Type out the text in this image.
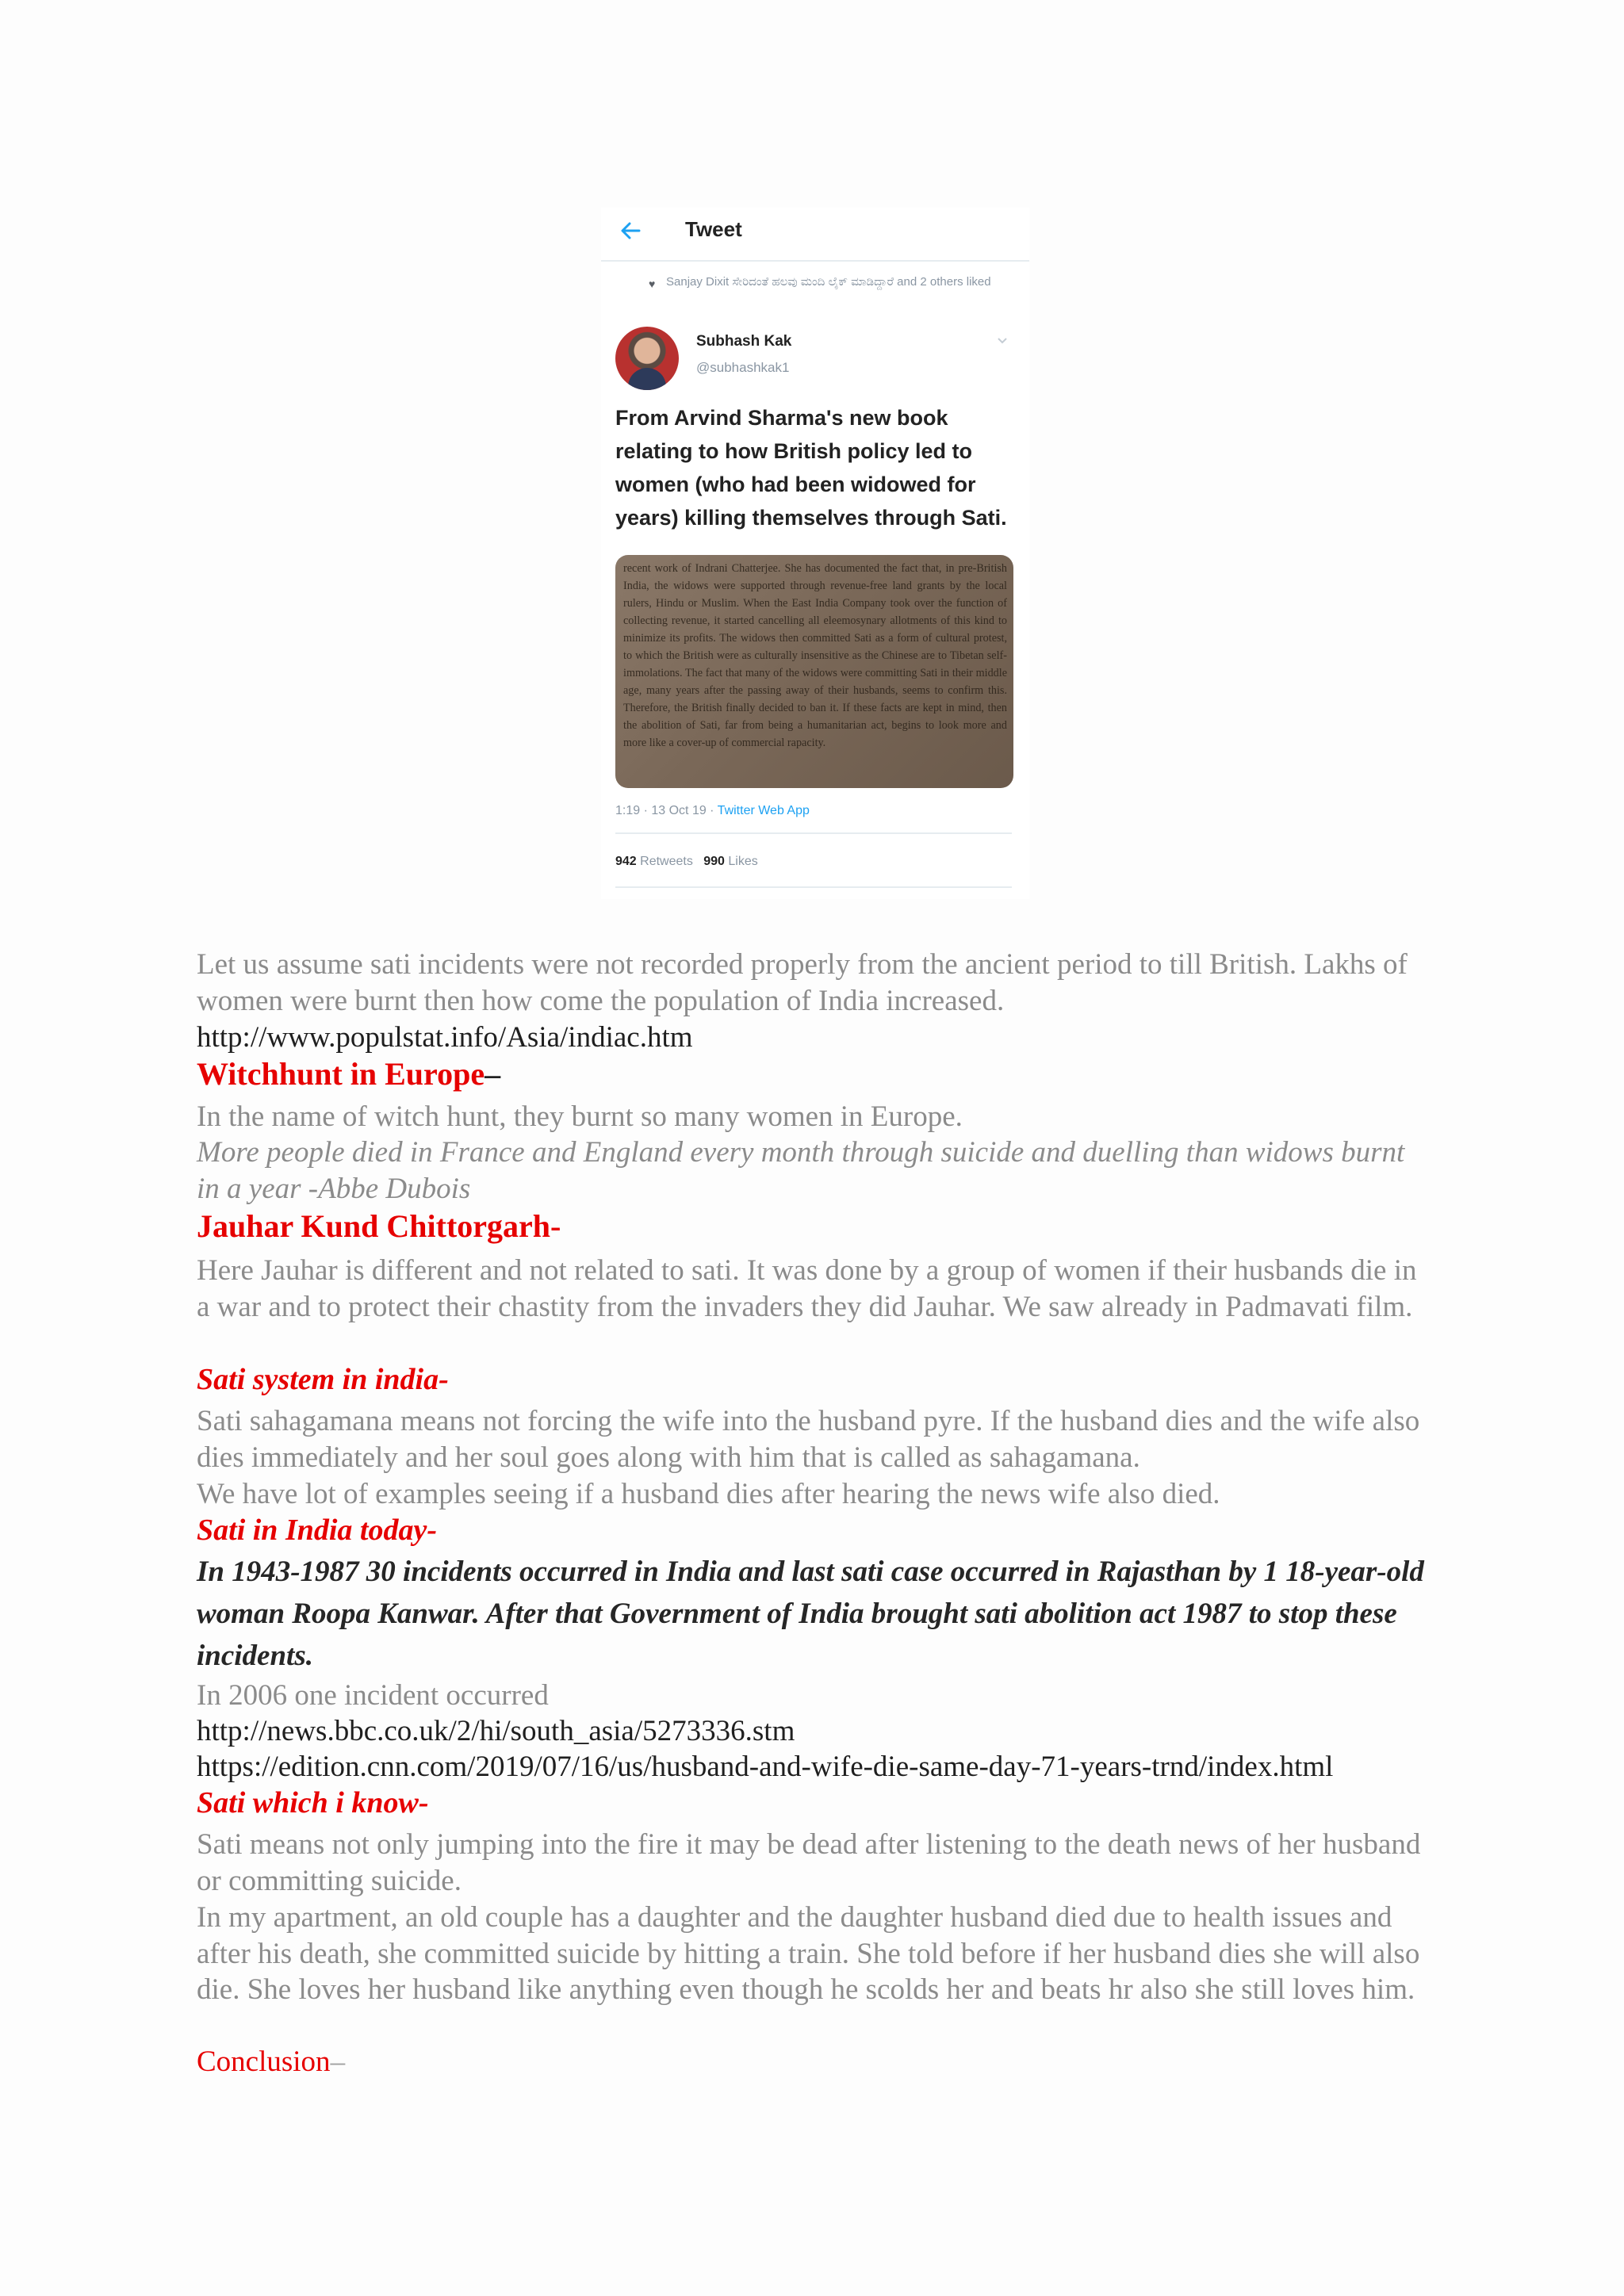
Tweet
♥ Sanjay Dixit ಸೇರಿದಂತೆ ಹಲವು ಮಂದಿ ಲೈಕ್ ಮಾಡಿದ್ದಾರೆ and 2 others liked
Subhash Kak
@subhashkak1
From Arvind Sharma's new book relating to how British policy led to women (who had been widowed for years) killing themselves through Sati.
recent work of Indrani Chatterjee. She has documented the fact that, in pre-British India, the widows were supported through revenue-free land grants by the local rulers, Hindu or Muslim. When the East India Company took over the function of collecting revenue, it started cancelling all eleemosynary allotments of this kind to minimize its profits. The widows then committed Sati as a form of cultural protest, to which the British were as culturally insensitive as the Chinese are to Tibetan self-immolations. The fact that many of the widows were committing Sati in their middle age, many years after the passing away of their husbands, seems to confirm this. Therefore, the British finally decided to ban it. If these facts are kept in mind, then the abolition of Sati, far from being a humanitarian act, begins to look more and more like a cover-up of commercial rapacity.
1:19 · 13 Oct 19 · Twitter Web App
942 Retweets 990 Likes
Let us assume sati incidents were not recorded properly from the ancient period to till British. Lakhs of women were burnt then how come the population of India increased.
http://www.populstat.info/Asia/indiac.htm
Witchhunt in Europe–
In the name of witch hunt, they burnt so many women in Europe.
More people died in France and England every month through suicide and duelling than widows burnt in a year -Abbe Dubois
Jauhar Kund Chittorgarh-
Here Jauhar is different and not related to sati. It was done by a group of women if their husbands die in a war and to protect their chastity from the invaders they did Jauhar. We saw already in Padmavati film.
Sati system in india-
Sati sahagamana means not forcing the wife into the husband pyre. If the husband dies and the wife also dies immediately and her soul goes along with him that is called as sahagamana.
We have lot of examples seeing if a husband dies after hearing the news wife also died.
Sati in India today-
In 1943-1987 30 incidents occurred in India and last sati case occurred in Rajasthan by 1 18-year-old woman Roopa Kanwar. After that Government of India brought sati abolition act 1987 to stop these incidents.
In 2006 one incident occurred
http://news.bbc.co.uk/2/hi/south_asia/5273336.stm
https://edition.cnn.com/2019/07/16/us/husband-and-wife-die-same-day-71-years-trnd/index.html
Sati which i know-
Sati means not only jumping into the fire it may be dead after listening to the death news of her husband or committing suicide.
In my apartment, an old couple has a daughter and the daughter husband died due to health issues and after his death, she committed suicide by hitting a train. She told before if her husband dies she will also die. She loves her husband like anything even though he scolds her and beats hr also she still loves him.
Conclusion–
